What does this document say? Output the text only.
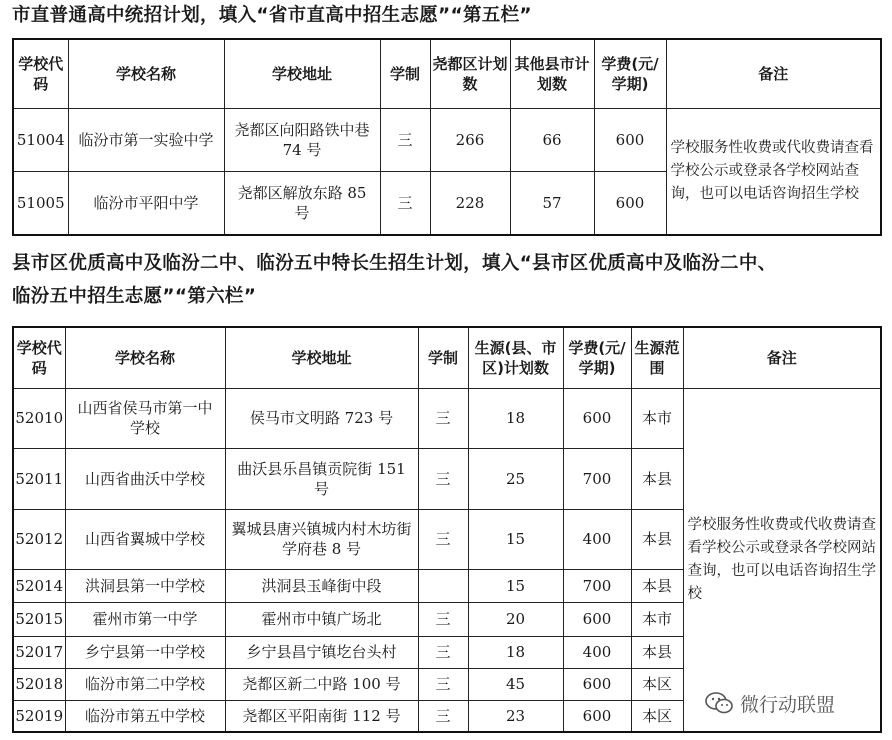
市直普通高中统招计划，填入“省市直高中招生志愿”“第五栏”
学校代码	学校名称	学校地址	学制	尧都区计划数	其他县市计划数	学费(元/学期)	备注
51004	临汾市第一实验中学	尧都区向阳路铁中巷 74 号	三	266	66	600	学校服务性收费或代收费请查看学校公示或登录各学校网站查询，也可以电话咨询招生学校
51005	临汾市平阳中学	尧都区解放东路 85 号	三	228	57	600	
县市区优质高中及临汾二中、临汾五中特长生招生计划，填入“县市区优质高中及临汾二中、
临汾五中招生志愿”“第六栏”
学校代码	学校名称	学校地址	学制	生源(县、市区)计划数	学费(元/学期)	生源范围	备注
52010	山西省侯马市第一中学校	侯马市文明路 723 号	三	18	600	本市	学校服务性收费或代收费请查看学校公示或登录各学校网站查询，也可以电话咨询招生学校
52011	山西省曲沃中学校	曲沃县乐昌镇贡院街 151 号	三	25	700	本县	
52012	山西省翼城中学校	翼城县唐兴镇城内村木坊街学府巷 8 号	三	15	400	本县	
52014	洪洞县第一中学校	洪洞县玉峰街中段		15	700	本县	
52015	霍州市第一中学	霍州市中镇广场北	三	20	600	本市	
52017	乡宁县第一中学校	乡宁县昌宁镇圪台头村	三	18	400	本县	
52018	临汾市第二中学校	尧都区新二中路 100 号	三	45	600	本区	
52019	临汾市第五中学校	尧都区平阳南街 112 号	三	23	600	本区	
微行动联盟
